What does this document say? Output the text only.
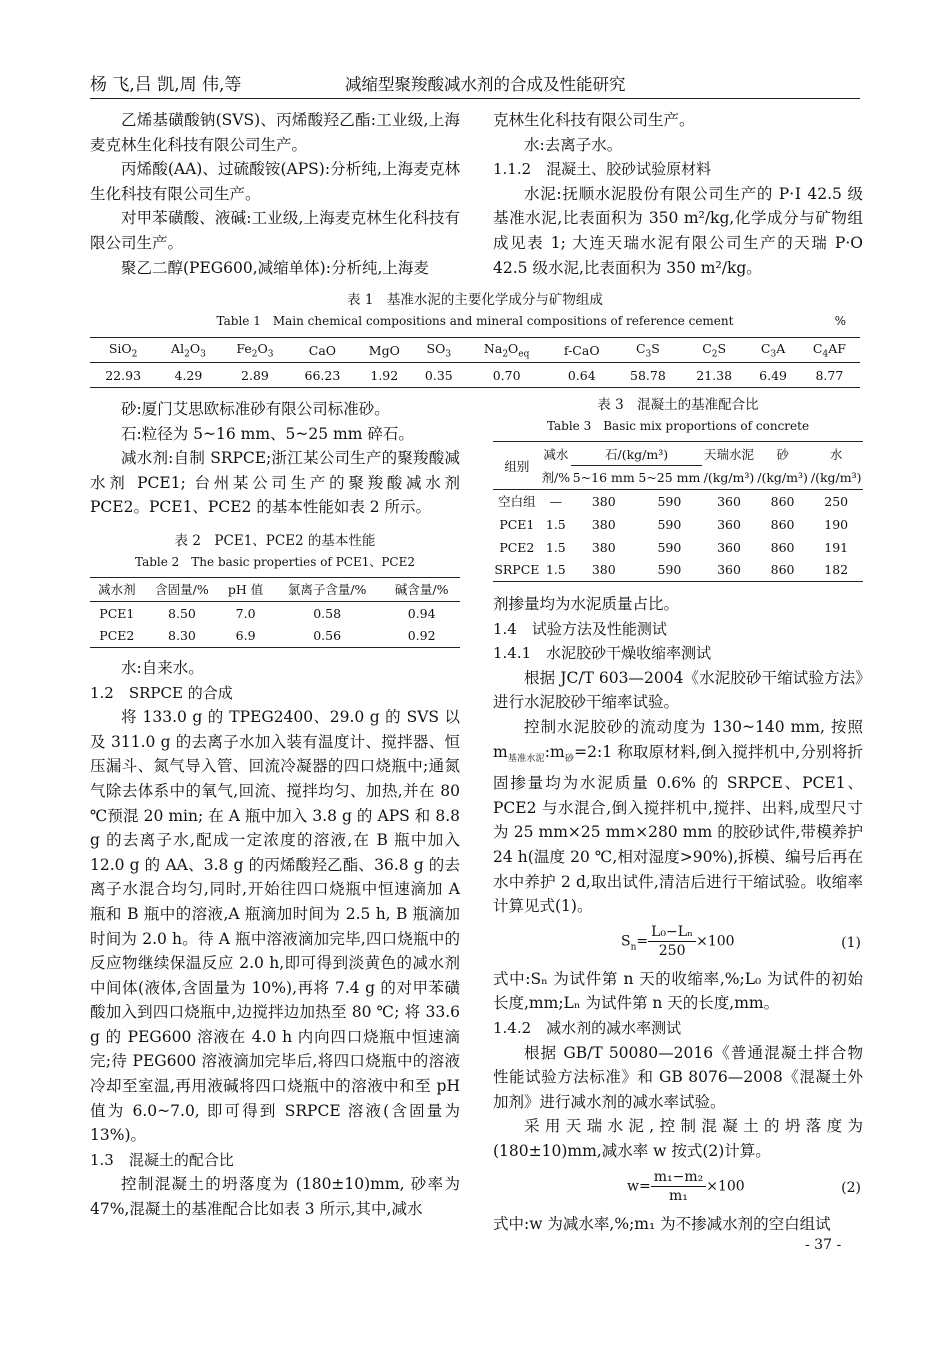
杨 飞,吕 凯,周 伟,等	减缩型聚羧酸减水剂的合成及性能研究

乙烯基磺酸钠(SVS)、丙烯酸羟乙酯:工业级,上海麦克林生化科技有限公司生产。

丙烯酸(AA)、过硫酸铵(APS):分析纯,上海麦克林生化科技有限公司生产。

对甲苯磺酸、液碱:工业级,上海麦克林生化科技有限公司生产。

聚乙二醇(PEG600,减缩单体):分析纯,上海麦

克林生化科技有限公司生产。

水:去离子水。

1.1.2　混凝土、胶砂试验原材料

水泥:抚顺水泥股份有限公司生产的 P·Ⅰ 42.5 级基准水泥,比表面积为 350 m²/kg,化学成分与矿物组成见表 1; 大连天瑞水泥有限公司生产的天瑞 P·O 42.5 级水泥,比表面积为 350 m²/kg。

表 1　基准水泥的主要化学成分与矿物组成

Table 1　Main chemical compositions and mineral compositions of reference cement	%
SiO$_2$	$Al_2O_3$	$Fe_2O_3$	CaO	MgO	$SO_3$	$Na_2O_{eq}$	f-CaO	$C_3S$	$C_2S$	$C_3A$	$C_4AF$
22.93	4.29	2.89	66.23	1.92	0.35	0.70	0.64	58.78	21.38	6.49	8.77

砂:厦门艾思欧标准砂有限公司标准砂。

石:粒径为 5~16 mm、5~25 mm 碎石。

减水剂:自制 SRPCE;浙江某公司生产的聚羧酸减水剂 PCE1; 台州某公司生产的聚羧酸减水剂 PCE2。PCE1、PCE2 的基本性能如表 2 所示。

表 2　PCE1、PCE2 的基本性能

Table 2　The basic properties of PCE1、PCE2

减水剂	含固量/%	pH 值	氯离子含量/%	碱含量/%
PCE1	8.50	7.0	0.58	0.94
PCE2	8.30	6.9	0.56	0.92

水:自来水。

1.2　SRPCE 的合成

将 133.0 g 的 TPEG2400、29.0 g 的 SVS 以及 311.0 g 的去离子水加入装有温度计、搅拌器、恒压漏斗、氮气导入管、回流冷凝器的四口烧瓶中;通氮气除去体系中的氧气,回流、搅拌均匀、加热,并在 80 ℃预混 20 min; 在 A 瓶中加入 3.8 g 的 APS 和 8.8 g 的去离子水,配成一定浓度的溶液,在 B 瓶中加入 12.0 g 的 AA、3.8 g 的丙烯酸羟乙酯、36.8 g 的去离子水混合均匀,同时,开始往四口烧瓶中恒速滴加 A 瓶和 B 瓶中的溶液,A 瓶滴加时间为 2.5 h, B 瓶滴加时间为 2.0 h。待 A 瓶中溶液滴加完毕,四口烧瓶中的反应物继续保温反应 2.0 h,即可得到淡黄色的减水剂中间体(液体,含固量为 10%),再将 7.4 g 的对甲苯磺酸加入到四口烧瓶中,边搅拌边加热至 80 ℃; 将 33.6 g 的 PEG600 溶液在 4.0 h 内向四口烧瓶中恒速滴完;待 PEG600 溶液滴加完毕后,将四口烧瓶中的溶液冷却至室温,再用液碱将四口烧瓶中的溶液中和至 pH 值为 6.0~7.0, 即可得到 SRPCE 溶液(含固量为 13%)。

1.3　混凝土的配合比

控制混凝土的坍落度为 (180±10)mm, 砂率为 47%,混凝土的基准配合比如表 3 所示,其中,减水

表 3　混凝土的基准配合比

Table 3　Basic mix proportions of concrete

组别	减水	石/(kg/m³)		天瑞水泥	砂	水
	剂/%	5~16 mm	5~25 mm	/(kg/m³)	/(kg/m³)	/(kg/m³)
空白组	—	380	590	360	860	250
PCE1	1.5	380	590	360	860	190
PCE2	1.5	380	590	360	860	191
SRPCE	1.5	380	590	360	860	182

剂掺量均为水泥质量占比。

1.4　试验方法及性能测试

1.4.1　水泥胶砂干燥收缩率测试

根据 JC/T 603—2004《水泥胶砂干缩试验方法》进行水泥胶砂干缩率试验。

控制水泥胶砂的流动度为 130~140 mm, 按照 $m_{基准水泥}:m_砂=2:1$ 称取原材料,倒入搅拌机中,分别将折固掺量均为水泥质量 0.6% 的 SRPCE、PCE1、PCE2 与水混合,倒入搅拌机中,搅拌、出料,成型尺寸为 25 mm×25 mm×280 mm 的胶砂试件,带模养护 24 h(温度 20 ℃,相对湿度>90%),拆模、编号后再在水中养护 2 d,取出试件,清洁后进行干缩试验。收缩率计算见式(1)。

$S_n= \frac{\text{L₀−Lₙ}}{250} \times 100$	(1)

式中:Sₙ 为试件第 n 天的收缩率,%;L₀ 为试件的初始长度,mm;Lₙ 为试件第 n 天的长度,mm。

1.4.2　减水剂的减水率测试

根据 GB/T 50080—2016《普通混凝土拌合物性能试验方法标准》和 GB 8076—2008《混凝土外加剂》进行减水剂的减水率试验。

采用天瑞水泥,控制混凝土的坍落度为 (180±10)mm,减水率 w 按式(2)计算。

$w= \frac{\text{m₁−m₂}}{\text{m₁}} \times 100$	(2)

式中:w 为减水率,%;m₁ 为不掺减水剂的空白组试

- 37 -
